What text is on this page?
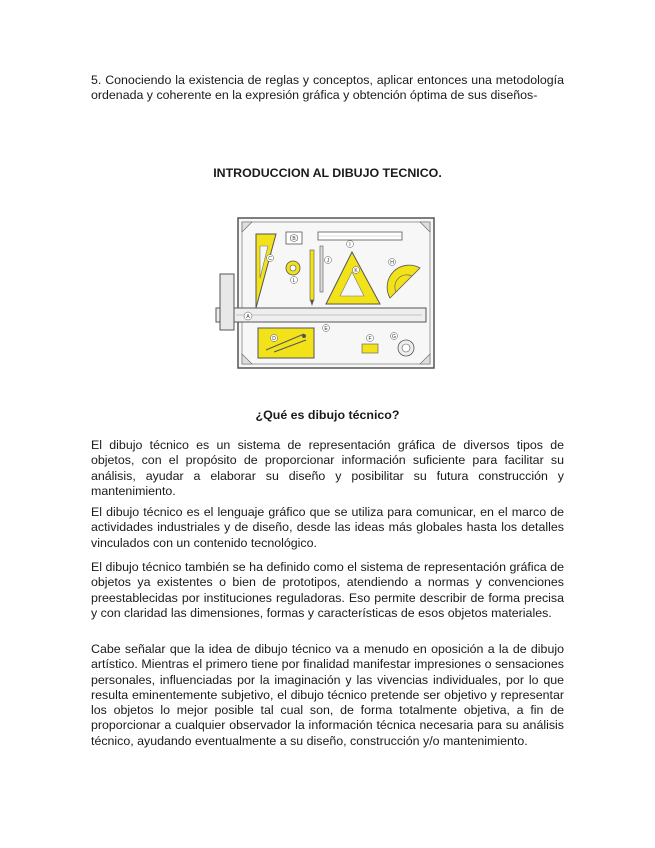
5. Conociendo la existencia de reglas y conceptos, aplicar entonces una metodología ordenada y coherente en la expresión gráfica y obtención óptima de sus diseños-

INTRODUCCION AL DIBUJO TECNICO.

A
B
C
D
E
F	G
H
I
J
K
L

¿Qué es dibujo técnico?

El dibujo técnico es un sistema de representación gráfica de diversos tipos de objetos, con el propósito de proporcionar información suficiente para facilitar su análisis, ayudar a elaborar su diseño y posibilitar su futura construcción y mantenimiento.

El dibujo técnico es el lenguaje gráfico que se utiliza para comunicar, en el marco de actividades industriales y de diseño, desde las ideas más globales hasta los detalles vinculados con un contenido tecnológico.

El dibujo técnico también se ha definido como el sistema de representación gráfica de objetos ya existentes o bien de prototipos, atendiendo a normas y convenciones preestablecidas por instituciones reguladoras. Eso permite describir de forma precisa y con claridad las dimensiones, formas y características de esos objetos materiales.

Cabe señalar que la idea de dibujo técnico va a menudo en oposición a la de dibujo artístico. Mientras el primero tiene por finalidad manifestar impresiones o sensaciones personales, influenciadas por la imaginación y las vivencias individuales, por lo que resulta eminentemente subjetivo, el dibujo técnico pretende ser objetivo y representar los objetos lo mejor posible tal cual son, de forma totalmente objetiva, a fin de proporcionar a cualquier observador la información técnica necesaria para su análisis técnico, ayudando eventualmente a su diseño, construcción y/o mantenimiento.
